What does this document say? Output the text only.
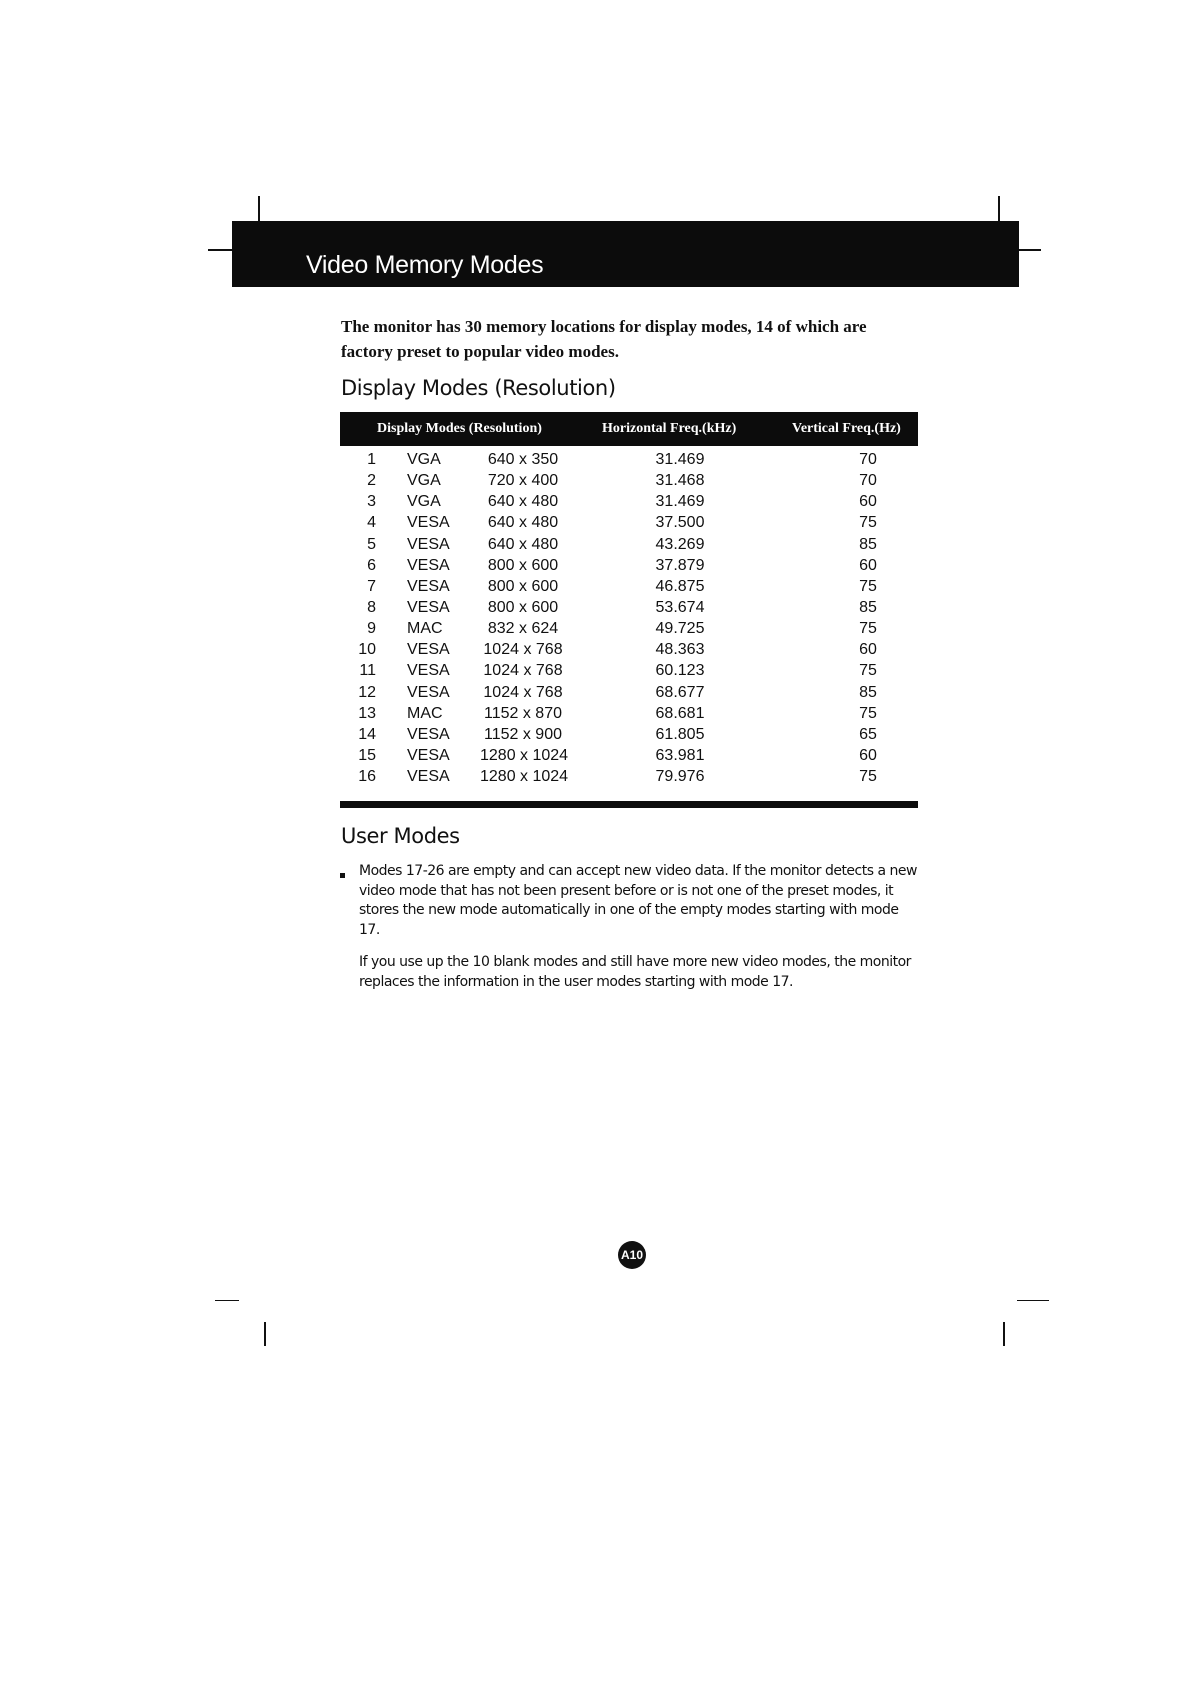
Video Memory Modes
The monitor has 30 memory locations for display modes, 14 of which are factory preset to popular video modes.
Display Modes (Resolution)
Display Modes (Resolution)	Horizontal Freq.(kHz)	Vertical Freq.(Hz)
1 VGA	640 x 350	31.469	70
2 VGA	720 x 400	31.468	70
3 VGA	640 x 480	31.469	60
4 VESA	640 x 480	37.500	75
5 VESA	640 x 480	43.269	85
6 VESA	800 x 600	37.879	60
7 VESA	800 x 600	46.875	75
8 VESA	800 x 600	53.674	85
9 MAC	832 x 624	49.725	75
10 VESA 1024 x 768	48.363	60
11 VESA 1024 x 768	60.123	75
12 VESA 1024 x 768	68.677	85
13 MAC	1152 x 870	68.681	75
14 VESA 1152 x 900	61.805	65
15 VESA 1280 x 1024	63.981	60
16 VESA 1280 x 1024	79.976	75
User Modes
Modes 17-26 are empty and can accept new video data. If the monitor detects a new video mode that has not been present before or is not one of the preset modes, it stores the new mode automatically in one of the empty modes starting with mode 17.
If you use up the 10 blank modes and still have more new video modes, the monitor replaces the information in the user modes starting with mode 17.
A10
